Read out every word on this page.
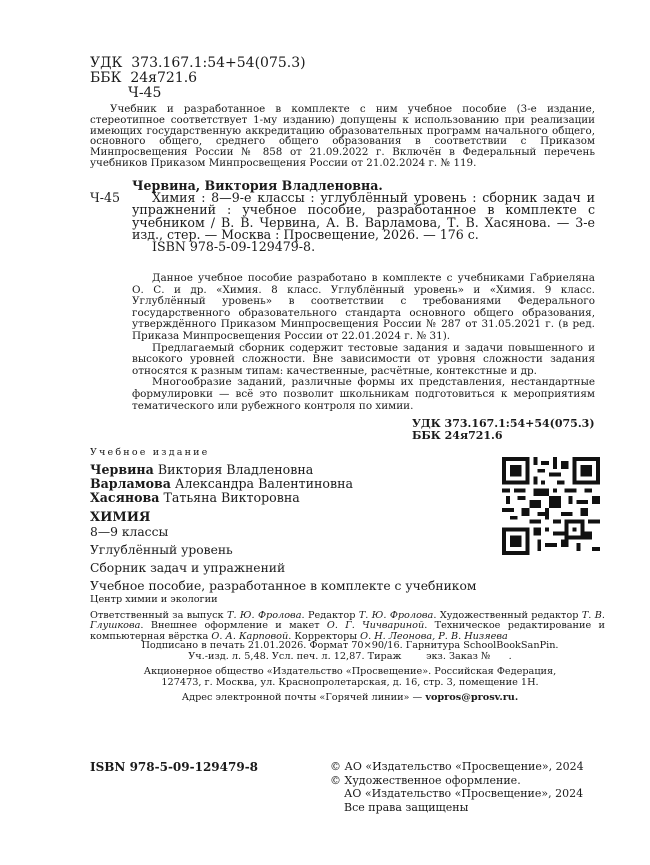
УДК 373.167.1:54+54(075.3)
ББК 24я721.6
Ч-45

Учебник и разработанное в комплекте с ним учебное пособие (3-е издание, стереотипное соответствует 1-му изданию) допущены к использованию при реализации имеющих государственную аккредитацию образовательных программ начального общего, основного общего, среднего общего образования в соответствии с Приказом Минпросвещения России № 858 от 21.09.2022 г. Включён в Федеральный перечень учебников Приказом Минпросвещения России от 21.02.2024 г. № 119.

Червина, Виктория Владленовна.
Ч-45	Химия : 8—9-е классы : углублённый уровень : сборник задач и упражнений : учебное пособие, разработанное в комплекте с учебником / В. В. Червина, А. В. Варламова, Т. В. Хасянова. — 3-е изд., стер. — Москва : Просвещение, 2026. — 176 с.
ISBN 978-5-09-129479-8.

Данное учебное пособие разработано в комплекте с учебниками Габриеляна О. С. и др. «Химия. 8 класс. Углублённый уровень» и «Химия. 9 класс. Углублённый уровень» в соответствии с требованиями Федерального государственного образовательного стандарта основного общего образования, утверждённого Приказом Минпросвещения России № 287 от 31.05.2021 г. (в ред. Приказа Минпросвещения России от 22.01.2024 г. № 31).

Предлагаемый сборник содержит тестовые задания и задачи повышенного и высокого уровней сложности. Вне зависимости от уровня сложности задания относятся к разным типам: качественные, расчётные, контекстные и др.

Многообразие заданий, различные формы их представления, нестандартные формулировки — всё это позволит школьникам подготовиться к мероприятиям тематического или рубежного контроля по химии.

УДК 373.167.1:54+54(075.3)
ББК 24я721.6
Учебное издание
Червина Виктория Владленовна
Варламова Александра Валентиновна
Хасянова Татьяна Викторовна
ХИМИЯ
8—9 классы
Углублённый уровень
Сборник задач и упражнений
Учебное пособие, разработанное в комплекте с учебником
Центр химии и экологии
Ответственный за выпуск Т. Ю. Фролова. Редактор Т. Ю. Фролова. Художественный редактор Т. В. Глушкова. Внешнее оформление и макет О. Г. Чичвариной. Техническое редактирование и компьютерная вёрстка О. А. Карповой. Корректоры О. Н. Леонова, Р. В. Низяева
Подписано в печать 21.01.2026. Формат 70×90/16. Гарнитура SchoolBookSanPin.
Уч.-изд. л. 5,48. Усл. печ. л. 12,87. Тираж        экз. Заказ №      .
Акционерное общество «Издательство «Просвещение». Российская Федерация,
127473, г. Москва, ул. Краснопролетарская, д. 16, стр. 3, помещение 1Н.
Адрес электронной почты «Горячей линии» — vopros@prosv.ru.
ISBN 978-5-09-129479-8	© АО «Издательство «Просвещение», 2024
© Художественное оформление.
АО «Издательство «Просвещение», 2024
Все права защищены
